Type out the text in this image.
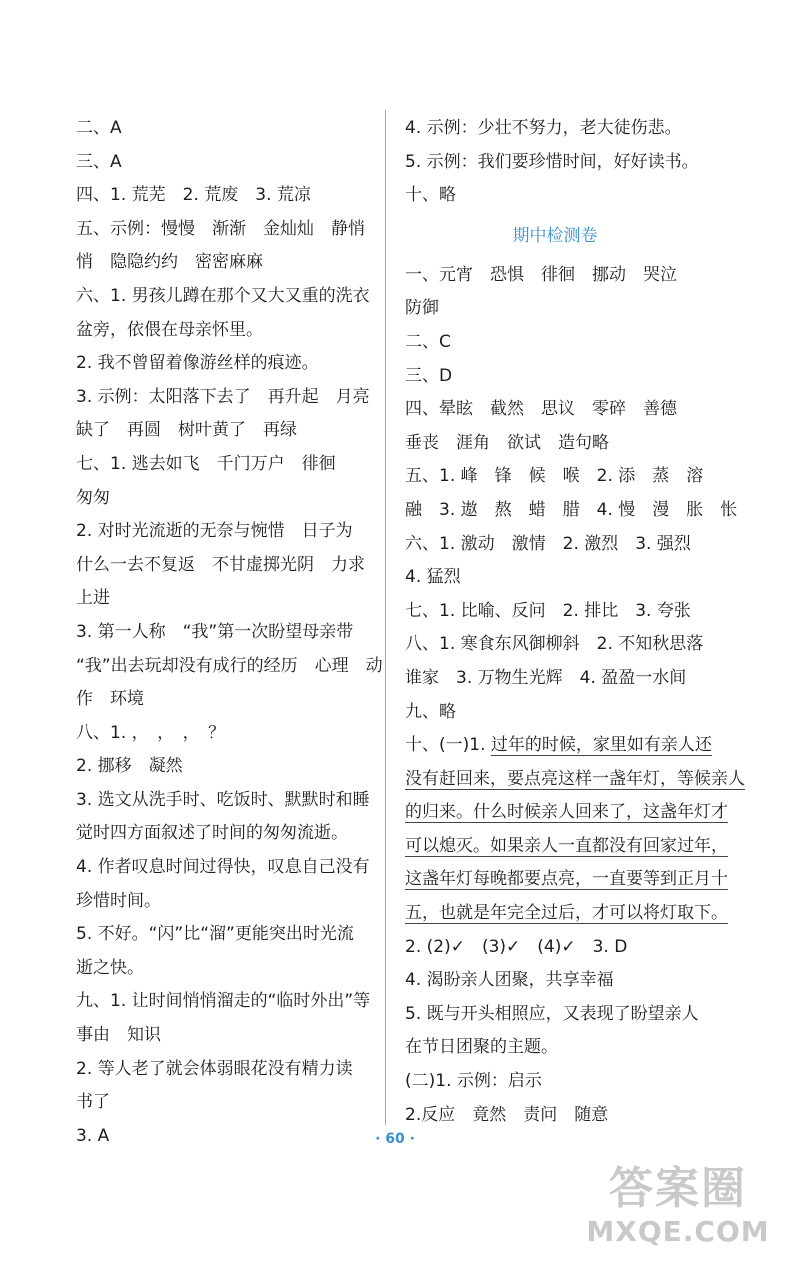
二、A
三、A
四、1. 荒芜　2. 荒废　3. 荒凉
五、示例：慢慢　渐渐　金灿灿　静悄
悄　隐隐约约　密密麻麻
六、1. 男孩儿蹲在那个又大又重的洗衣
盆旁，依偎在母亲怀里。
2. 我不曾留着像游丝样的痕迹。
3. 示例：太阳落下去了　再升起　月亮
缺了　再圆　树叶黄了　再绿
七、1. 逃去如飞　千门万户　徘徊
匆匆
2. 对时光流逝的无奈与惋惜　日子为
什么一去不复返　不甘虚掷光阴　力求
上进
3. 第一人称　“我”第一次盼望母亲带
“我”出去玩却没有成行的经历　心理　动
作　环境
八、1. ，　，　，　？
2. 挪移　凝然
3. 选文从洗手时、吃饭时、默默时和睡
觉时四方面叙述了时间的匆匆流逝。
4. 作者叹息时间过得快，叹息自己没有
珍惜时间。
5. 不好。“闪”比“溜”更能突出时光流
逝之快。
九、1. 让时间悄悄溜走的“临时外出”等
事由　知识
2. 等人老了就会体弱眼花没有精力读
书了
3. A
4. 示例：少壮不努力，老大徒伤悲。
5. 示例：我们要珍惜时间，好好读书。
十、略
期中检测卷
一、元宵　恐惧　徘徊　挪动　哭泣
防御
二、C
三、D
四、晕眩　截然　思议　零碎　善德
垂丧　涯角　欲试　造句略
五、1. 峰　锋　候　喉　2. 添　蒸　溶
融　3. 遨　熬　蜡　腊　4. 慢　漫　胀　怅
六、1. 激动　激情　2. 激烈　3. 强烈
4. 猛烈
七、1. 比喻、反问　2. 排比　3. 夸张
八、1. 寒食东风御柳斜　2. 不知秋思落
谁家　3. 万物生光辉　4. 盈盈一水间
九、略
十、(一)1. 过年的时候，家里如有亲人还
没有赶回来，要点亮这样一盏年灯，等候亲人
的归来。什么时候亲人回来了，这盏年灯才
可以熄灭。如果亲人一直都没有回家过年，
这盏年灯每晚都要点亮，一直要等到正月十
五，也就是年完全过后，才可以将灯取下。
2. (2)✓　(3)✓　(4)✓　3. D
4. 渴盼亲人团聚，共享幸福
5. 既与开头相照应，又表现了盼望亲人
在节日团聚的主题。
(二)1. 示例：启示
2.反应　竟然　责问　随意
· 60 ·
答案圈
MXQE.COM
